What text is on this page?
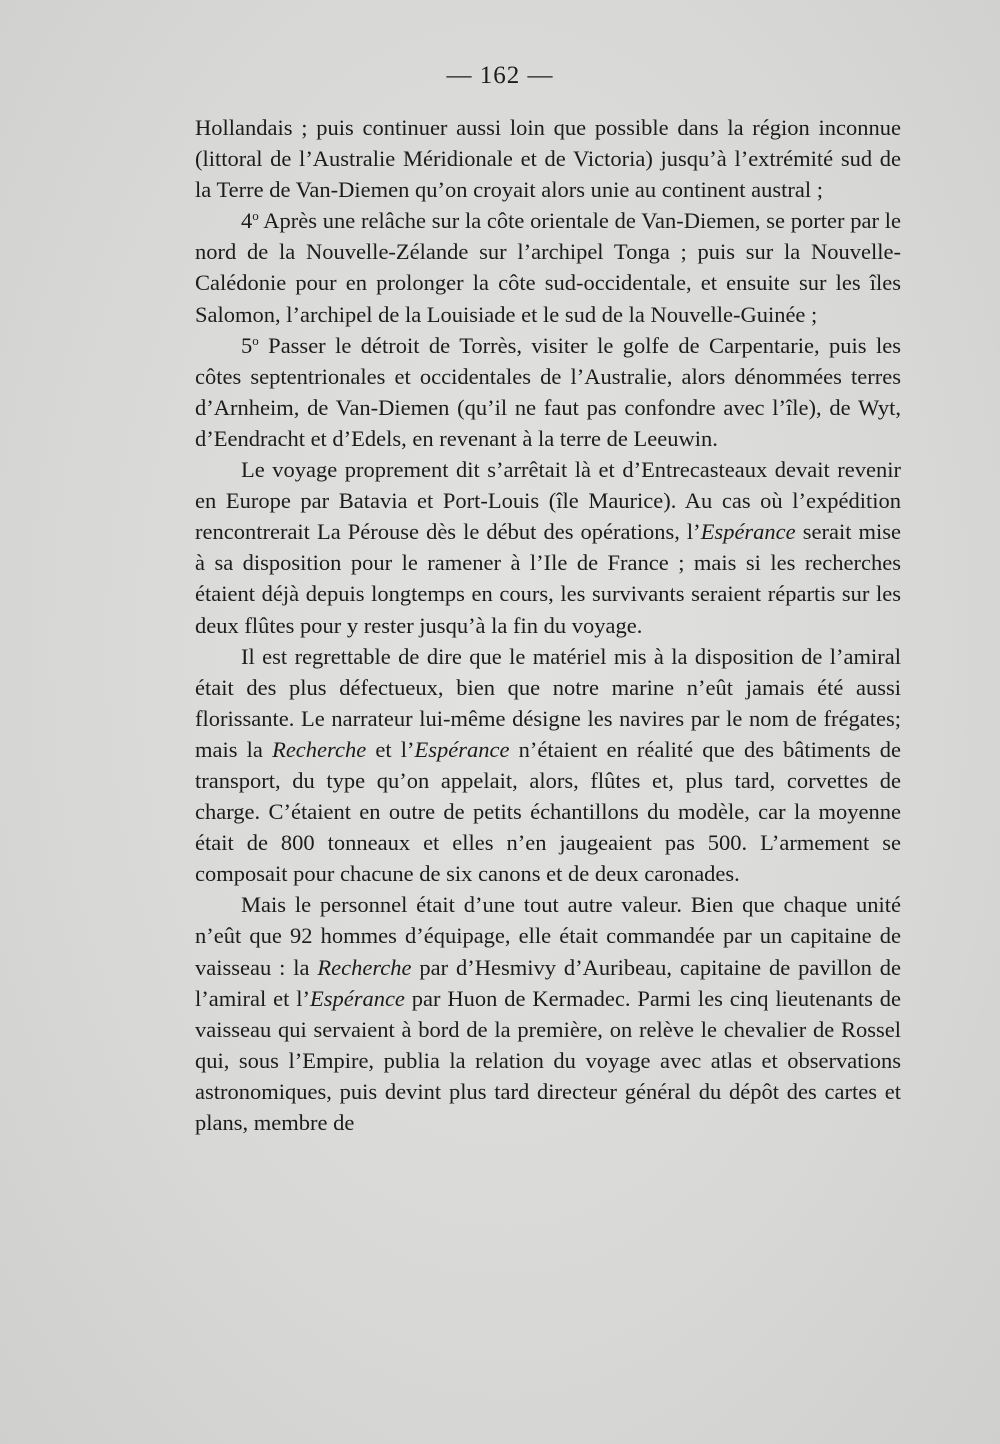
— 162 —

Hollandais ; puis continuer aussi loin que possible dans la région inconnue (littoral de l’Australie Méridionale et de Victoria) jusqu’à l’extrémité sud de la Terre de Van-Diemen qu’on croyait alors unie au continent austral ;

4$^o$ Après une relâche sur la côte orientale de Van-Diemen, se porter par le nord de la Nouvelle-Zélande sur l’archipel Tonga ; puis sur la Nouvelle-Calédonie pour en prolonger la côte sud-occidentale, et ensuite sur les îles Salomon, l’archipel de la Louisiade et le sud de la Nouvelle-Guinée ;

5$^o$ Passer le détroit de Torrès, visiter le golfe de Carpentarie, puis les côtes septentrionales et occidentales de l’Australie, alors dénommées terres d’Arnheim, de Van-Diemen (qu’il ne faut pas confondre avec l’île), de Wyt, d’Eendracht et d’Edels, en revenant à la terre de Leeuwin.

Le voyage proprement dit s’arrêtait là et d’Entrecasteaux devait revenir en Europe par Batavia et Port-Louis (île Maurice). Au cas où l’expédition rencontrerait La Pérouse dès le début des opérations, l’Espérance serait mise à sa disposition pour le ramener à l’Ile de France ; mais si les recherches étaient déjà depuis longtemps en cours, les survivants seraient répartis sur les deux flûtes pour y rester jusqu’à la fin du voyage.

Il est regrettable de dire que le matériel mis à la disposition de l’amiral était des plus défectueux, bien que notre marine n’eût jamais été aussi florissante. Le narrateur lui-même désigne les navires par le nom de frégates; mais la Recherche et l’Espérance n’étaient en réalité que des bâtiments de transport, du type qu’on appelait, alors, flûtes et, plus tard, corvettes de charge. C’étaient en outre de petits échantillons du modèle, car la moyenne était de 800 tonneaux et elles n’en jaugeaient pas 500. L’armement se composait pour chacune de six canons et de deux caronades.

Mais le personnel était d’une tout autre valeur. Bien que chaque unité n’eût que 92 hommes d’équipage, elle était commandée par un capitaine de vaisseau : la Recherche par d’Hesmivy d’Auribeau, capitaine de pavillon de l’amiral et l’Espérance par Huon de Kermadec. Parmi les cinq lieutenants de vaisseau qui servaient à bord de la première, on relève le chevalier de Rossel qui, sous l’Empire, publia la relation du voyage avec atlas et observations astronomiques, puis devint plus tard directeur général du dépôt des cartes et plans, membre de
